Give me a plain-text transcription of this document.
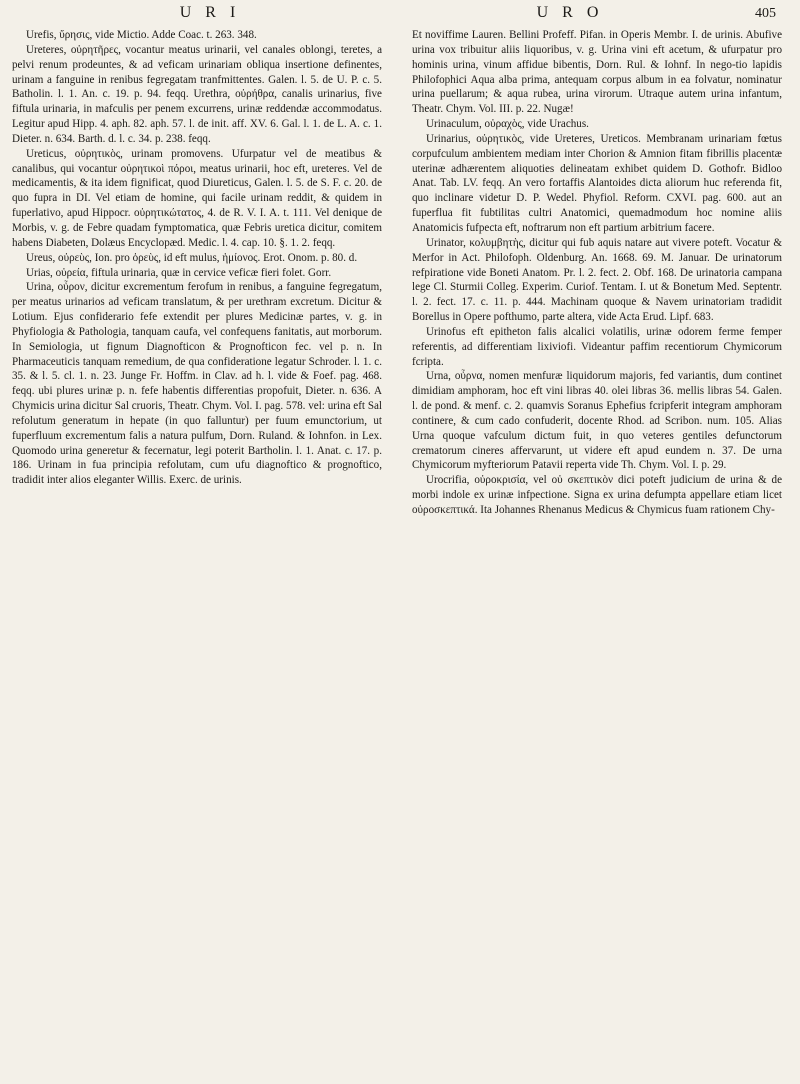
U R I	U R O	405

Urefis, ὔρησις, vide Mictio. Adde Coac. t. 263. 348.

Ureteres, οὐρητῆρες, vocantur meatus urinarii, vel canales oblongi, teretes, a pelvi renum prodeuntes, & ad veficam urinariam obliqua insertione definentes, urinam a fanguine in renibus fegregatam tranfmittentes. Galen. l. 5. de U. P. c. 5. Batholin. l. 1. An. c. 19. p. 94. feqq. Urethra, οὐρήθρα, canalis urinarius, five fiftula urinaria, in mafculis per penem excurrens, urinæ reddendæ accommodatus. Legitur apud Hipp. 4. aph. 82. aph. 57. l. de init. aff. XV. 6. Gal. l. 1. de L. A. c. 1. Dieter. n. 634. Barth. d. l. c. 34. p. 238. feqq.

Ureticus, οὐρητικὸς, urinam promovens. Ufurpatur vel de meatibus & canalibus, qui vocantur οὐρητικοὶ πόροι, meatus urinarii, hoc eft, ureteres. Vel de medicamentis, & ita idem fignificat, quod Diureticus, Galen. l. 5. de S. F. c. 20. de quo fupra in DI. Vel etiam de homine, qui facile urinam reddit, & quidem in fuperlativo, apud Hippocr. οὐρητικώτατος, 4. de R. V. I. A. t. 111. Vel denique de Morbis, v. g. de Febre quadam fymptomatica, quæ Febris uretica dicitur, comitem habens Diabeten, Dolæus Encyclopæd. Medic. l. 4. cap. 10. §. 1. 2. feqq.

Ureus, οὐρεὺς, Ion. pro ὀρεὺς, id eft mulus, ἡμίονος. Erot. Onom. p. 80. d.

Urias, οὐρεία, fiftula urinaria, quæ in cervice veficæ fieri folet. Gorr.

Urina, οὖρον, dicitur excrementum ferofum in renibus, a fanguine fegregatum, per meatus urinarios ad veficam translatum, & per urethram excretum. Dicitur & Lotium. Ejus confiderario fefe extendit per plures Medicinæ partes, v. g. in Phyfiologia & Pathologia, tanquam caufa, vel confequens fanitatis, aut morborum. In Semiologia, ut fignum Diagnofticon & Prognofticon fec. vel p. n. In Pharmaceuticis tanquam remedium, de qua confideratione legatur Schroder. l. 1. c. 35. & l. 5. cl. 1. n. 23. Junge Fr. Hoffm. in Clav. ad h. l. vide & Foef. pag. 468. feqq. ubi plures urinæ p. n. fefe habentis differentias propofuit, Dieter. n. 636. A Chymicis urina dicitur Sal cruoris, Theatr. Chym. Vol. I. pag. 578. vel: urina eft Sal refolutum generatum in hepate (in quo falluntur) per fuum emunctorium, ut fuperfluum excrementum falis a natura pulfum, Dorn. Ruland. & Iohnfon. in Lex. Quomodo urina generetur & fecernatur, legi poterit Bartholin. l. 1. Anat. c. 17. p. 186. Urinam in fua principia refolutam, cum ufu diagnoftico & prognoftico, tradidit inter alios eleganter Willis. Exerc. de urinis.

Et noviffime Lauren. Bellini Profeff. Pifan. in Operis Membr. I. de urinis. Abufive urina vox tribuitur aliis liquoribus, v. g. Urina vini eft acetum, & ufurpatur pro hominis urina, vinum affidue bibentis, Dorn. Rul. & Iohnf. In nego-tio lapidis Philofophici Aqua alba prima, antequam corpus album in ea folvatur, nominatur urina puellarum; & aqua rubea, urina virorum. Utraque autem urina infantum, Theatr. Chym. Vol. III. p. 22. Nugæ!

Urinaculum, οὐραχὸς, vide Urachus.

Urinarius, οὐρητικὸς, vide Ureteres, Ureticos. Membranam urinariam fœtus corpufculum ambientem mediam inter Chorion & Amnion fitam fibrillis placentæ uterinæ adhærentem aliquoties delineatam exhibet quidem D. Gothofr. Bidloo Anat. Tab. LV. feqq. An vero fortaffis Alantoides dicta aliorum huc referenda fit, quo inclinare videtur D. P. Wedel. Phyfiol. Reform. CXVI. pag. 600. aut an fuperflua fit fubtilitas cultri Anatomici, quemadmodum hoc nomine aliis Anatomicis fufpecta eft, noftrarum non eft partium arbitrium facere.

Urinator, κολυμβητὴς, dicitur qui fub aquis natare aut vivere poteft. Vocatur & Merfor in Act. Philofoph. Oldenburg. An. 1668. 69. M. Januar. De urinatorum refpiratione vide Boneti Anatom. Pr. l. 2. fect. 2. Obf. 168. De urinatoria campana lege Cl. Sturmii Colleg. Experim. Curiof. Tentam. I. ut & Bonetum Med. Septentr. l. 2. fect. 17. c. 11. p. 444. Machinam quoque & Navem urinatoriam tradidit Borellus in Opere pofthumo, parte altera, vide Acta Erud. Lipf. 683.

Urinofus eft epitheton falis alcalici volatilis, urinæ odorem ferme femper referentis, ad differentiam lixiviofi. Videantur paffim recentiorum Chymicorum fcripta.

Urna, οὖρνα, nomen menfuræ liquidorum majoris, fed variantis, dum continet dimidiam amphoram, hoc eft vini libras 40. olei libras 36. mellis libras 54. Galen. l. de pond. & menf. c. 2. quamvis Soranus Ephefius fcripferit integram amphoram continere, & cum cado confuderit, docente Rhod. ad Scribon. num. 105. Alias Urna quoque vafculum dictum fuit, in quo veteres gentiles defunctorum crematorum cineres affervarunt, ut videre eft apud eundem n. 37. De urna Chymicorum myfteriorum Patavii reperta vide Th. Chym. Vol. I. p. 29.

Urocrifia, οὐροκρισία, vel οὐ σκεπτικὸν dici poteft judicium de urina & de morbi indole ex urinæ infpectione. Signa ex urina defumpta appellare etiam licet οὐροσκεπτικά. Ita Johannes Rhenanus Medicus & Chymicus fuam rationem Chy-
